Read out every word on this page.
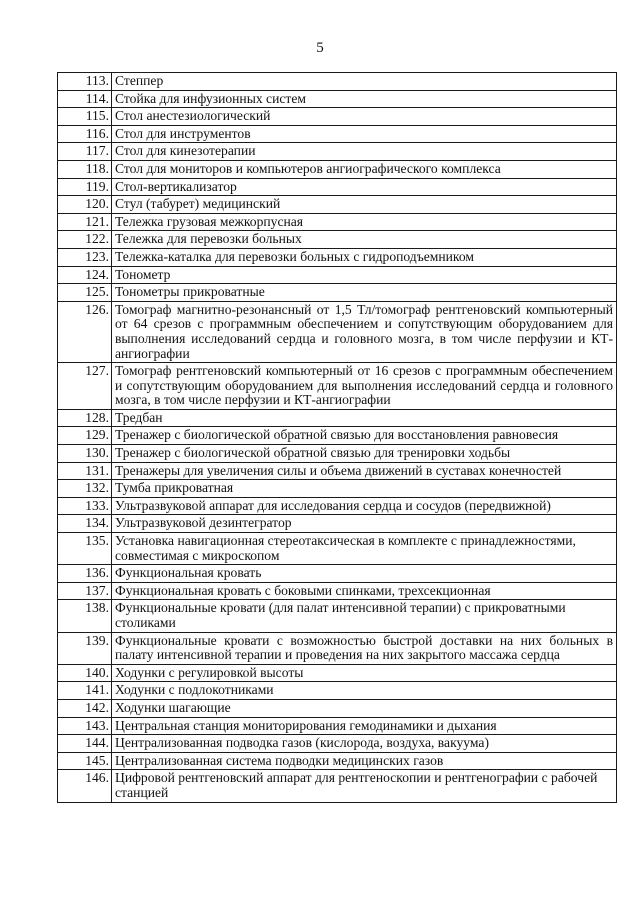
5
113.	Степпер
114.	Стойка для инфузионных систем
115.	Стол анестезиологический
116.	Стол для инструментов
117.	Стол для кинезотерапии
118.	Стол для мониторов и компьютеров ангиографического комплекса
119.	Стол-вертикализатор
120.	Стул (табурет) медицинский
121.	Тележка грузовая межкорпусная
122.	Тележка для перевозки больных
123.	Тележка-каталка для перевозки больных с гидроподъемником
124.	Тонометр
125.	Тонометры прикроватные
126.	Томограф магнитно-резонансный от 1,5 Тл/томограф рентгеновский компьютерный от 64 срезов с программным обеспечением и сопутствующим оборудованием для выполнения исследований сердца и головного мозга, в том числе перфузии и КТ-ангиографии
127.	Томограф рентгеновский компьютерный от 16 срезов с программным обеспечением и сопутствующим оборудованием для выполнения исследований сердца и головного мозга, в том числе перфузии и КТ-ангиографии
128.	Тредбан
129.	Тренажер с биологической обратной связью для восстановления равновесия
130.	Тренажер с биологической обратной связью для тренировки ходьбы
131.	Тренажеры для увеличения силы и объема движений в суставах конечностей
132.	Тумба прикроватная
133.	Ультразвуковой аппарат для исследования сердца и сосудов (передвижной)
134.	Ультразвуковой дезинтегратор
135.	Установка навигационная стереотаксическая в комплекте с принадлежностями, совместимая с микроскопом
136.	Функциональная кровать
137.	Функциональная кровать с боковыми спинками, трехсекционная
138.	Функциональные кровати (для палат интенсивной терапии) с прикроватными столиками
139.	Функциональные кровати с возможностью быстрой доставки на них больных в палату интенсивной терапии и проведения на них закрытого массажа сердца
140.	Ходунки с регулировкой высоты
141.	Ходунки с подлокотниками
142.	Ходунки шагающие
143.	Центральная станция мониторирования гемодинамики и дыхания
144.	Централизованная подводка газов (кислорода, воздуха, вакуума)
145.	Централизованная система подводки медицинских газов
146.	Цифровой рентгеновский аппарат для рентгеноскопии и рентгенографии с рабочей станцией
